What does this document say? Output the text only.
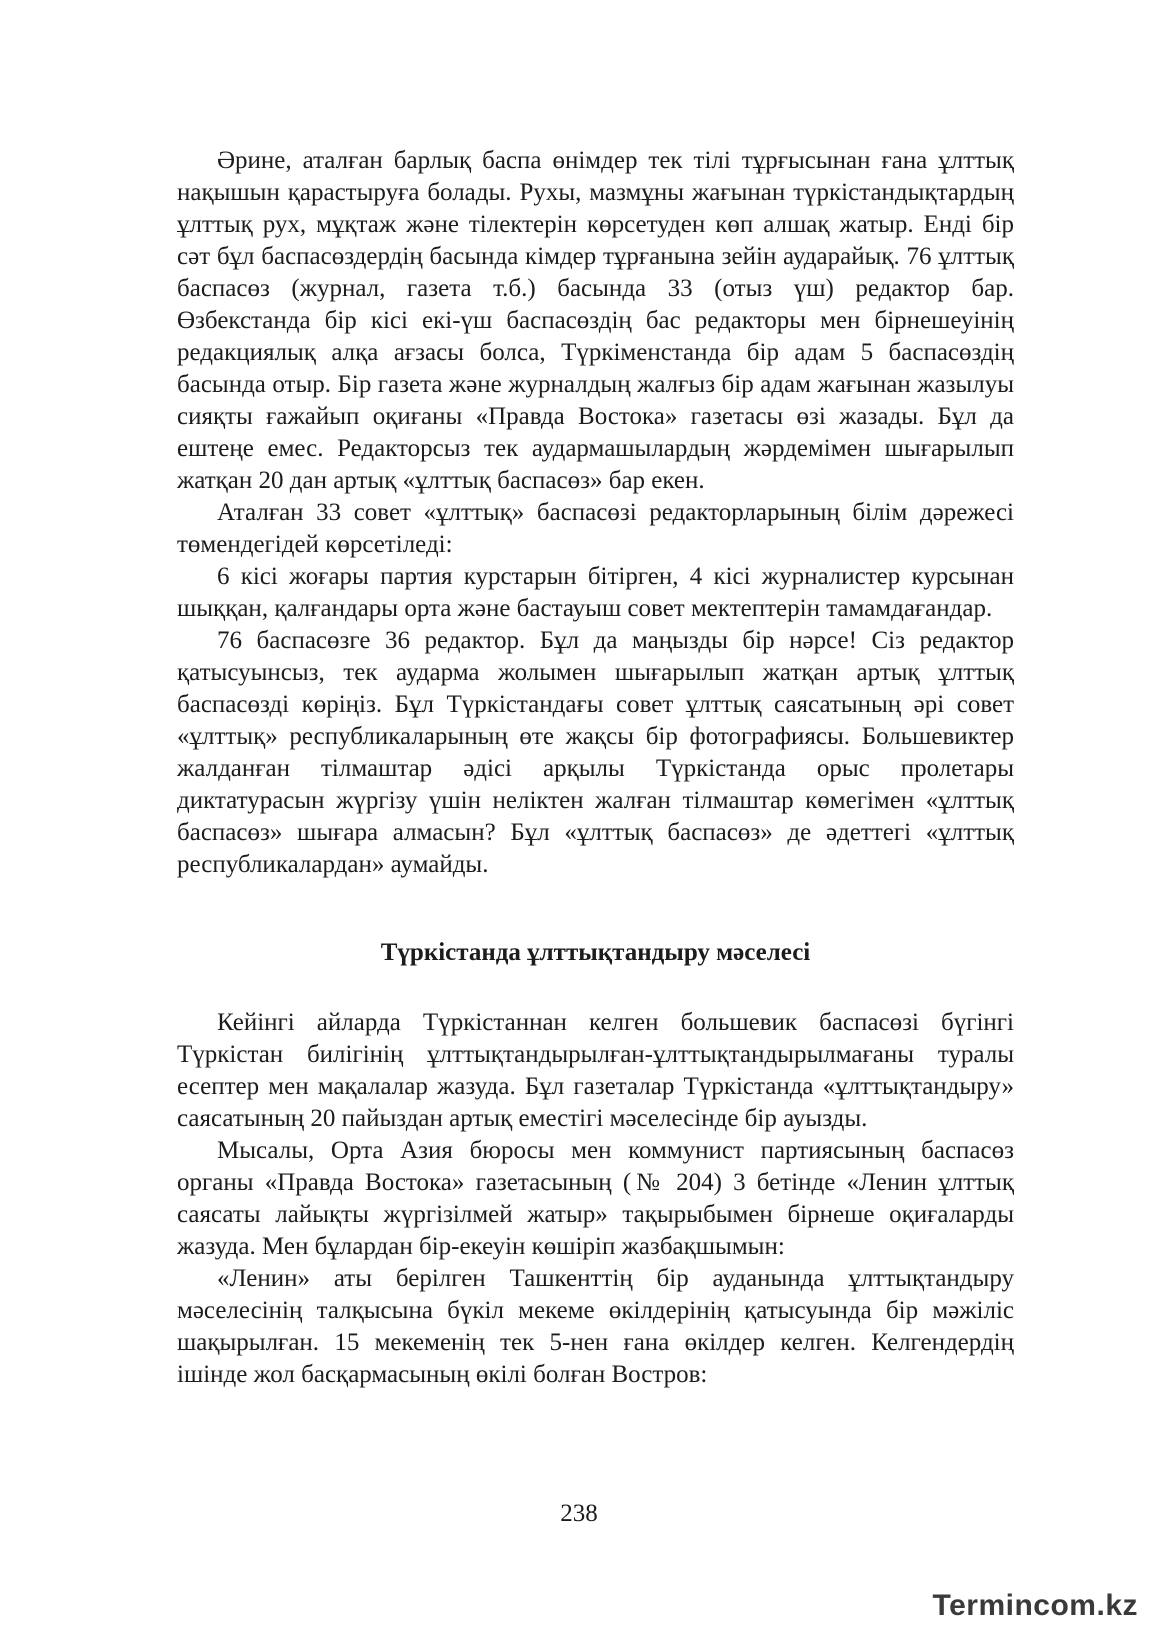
Әрине, аталған барлық баспа өнімдер тек тілі тұрғысынан ғана ұлттық нақышын қарастыруға болады. Рухы, мазмұны жағынан түркістандықтардың ұлттық рух, мұқтаж және тілектерін көрсетуден көп алшақ жатыр. Енді бір сәт бұл баспасөздердің басында кімдер тұрғанына зейін аударайық. 76 ұлттық баспасөз (журнал, газета т.б.) басында 33 (отыз үш) редактор бар. Өзбекстанда бір кісі екі-үш баспасөздің бас редакторы мен бірнешеуінің редакциялық алқа ағзасы болса, Түркіменстанда бір адам 5 баспасөздің басында отыр. Бір газета және журналдың жалғыз бір адам жағынан жазылуы сияқты ғажайып оқиғаны «Правда Востока» газетасы өзі жазады. Бұл да ештеңе емес. Редакторсыз тек аудармашылардың жәрдемімен шығарылып жатқан 20 дан артық «ұлттық баспасөз» бар екен.

Аталған 33 совет «ұлттық» баспасөзі редакторларының білім дәрежесі төмендегідей көрсетіледі:

6 кісі жоғары партия курстарын бітірген, 4 кісі журналистер курсынан шыққан, қалғандары орта және бастауыш совет мектептерін тамамдағандар.

76 баспасөзге 36 редактор. Бұл да маңызды бір нәрсе! Сіз редактор қатысуынсыз, тек аударма жолымен шығарылып жатқан артық ұлттық баспасөзді көріңіз. Бұл Түркістандағы совет ұлттық саясатының әрі совет «ұлттық» республикаларының өте жақсы бір фотографиясы. Большевиктер жалданған тілмаштар әдісі арқылы Түркістанда орыс пролетары диктатурасын жүргізу үшін неліктен жалған тілмаштар көмегімен «ұлттық баспасөз» шығара алмасын? Бұл «ұлттық баспасөз» де әдеттегі «ұлттық республикалардан» аумайды.

Түркістанда ұлттықтандыру мәселесі

Кейінгі айларда Түркістаннан келген большевик баспасөзі бүгінгі Түркістан билігінің ұлттықтандырылған-ұлттықтандырылмағаны туралы есептер мен мақалалар жазуда. Бұл газеталар Түркістанда «ұлттықтандыру» саясатының 20 пайыздан артық еместігі мәселесінде бір ауызды.

Мысалы, Орта Азия бюросы мен коммунист партиясының баспасөз органы «Правда Востока» газетасының (№ 204) 3 бетінде «Ленин ұлттық саясаты лайықты жүргізілмей жатыр» тақырыбымен бірнеше оқиғаларды жазуда. Мен бұлардан бір-екеуін көшіріп жазбақшымын:

«Ленин» аты берілген Ташкенттің бір ауданында ұлттықтандыру мәселесінің талқысына бүкіл мекеме өкілдерінің қатысуында бір мәжіліс шақырылған. 15 мекеменің тек 5-нен ғана өкілдер келген. Келгендердің ішінде жол басқармасының өкілі болған Востров:

238
Termincom.kz
